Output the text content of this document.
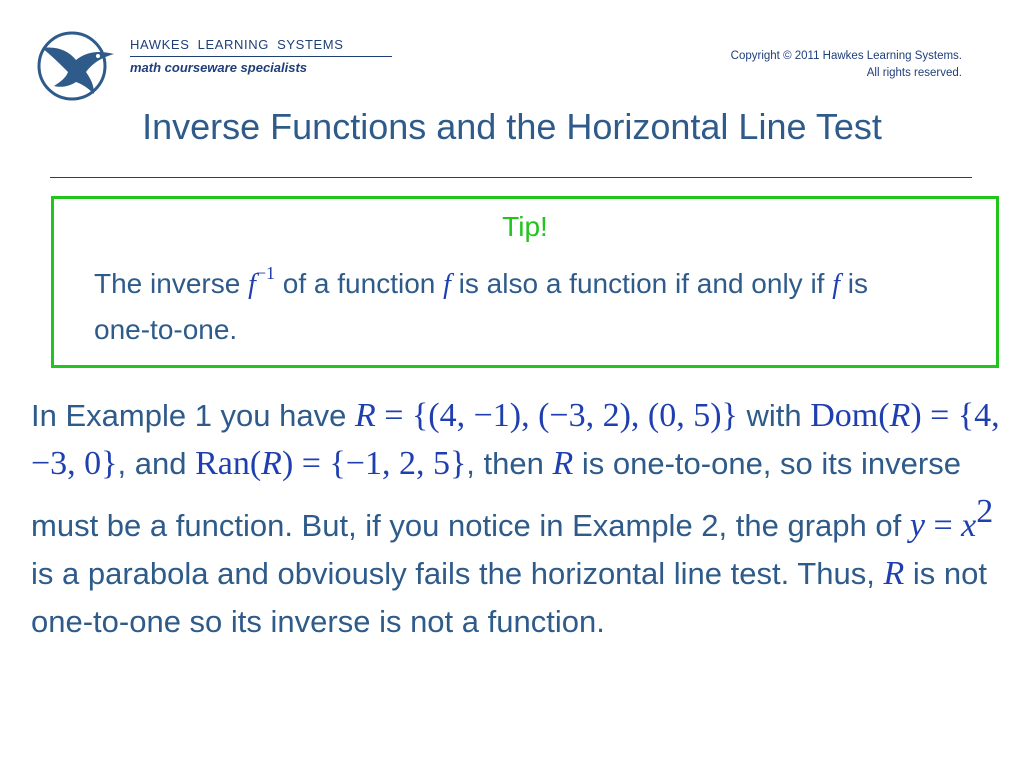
HAWKES LEARNING SYSTEMS
math courseware specialists
Copyright © 2011 Hawkes Learning Systems.
All rights reserved.
Inverse Functions and the Horizontal Line Test
Tip!
The inverse $f^{-1}$ of a function f is also a function if and only if f is one-to-one.
In Example 1 you have R = {(4, −1), (−3, 2), (0, 5)} with Dom(R) = {4, −3, 0}, and Ran(R) = {−1, 2, 5}, then R is one-to-one, so its inverse must be a function. But, if you notice in Example 2, the graph of y = x2 is a parabola and obviously fails the horizontal line test. Thus, R is not one-to-one so its inverse is not a function.
